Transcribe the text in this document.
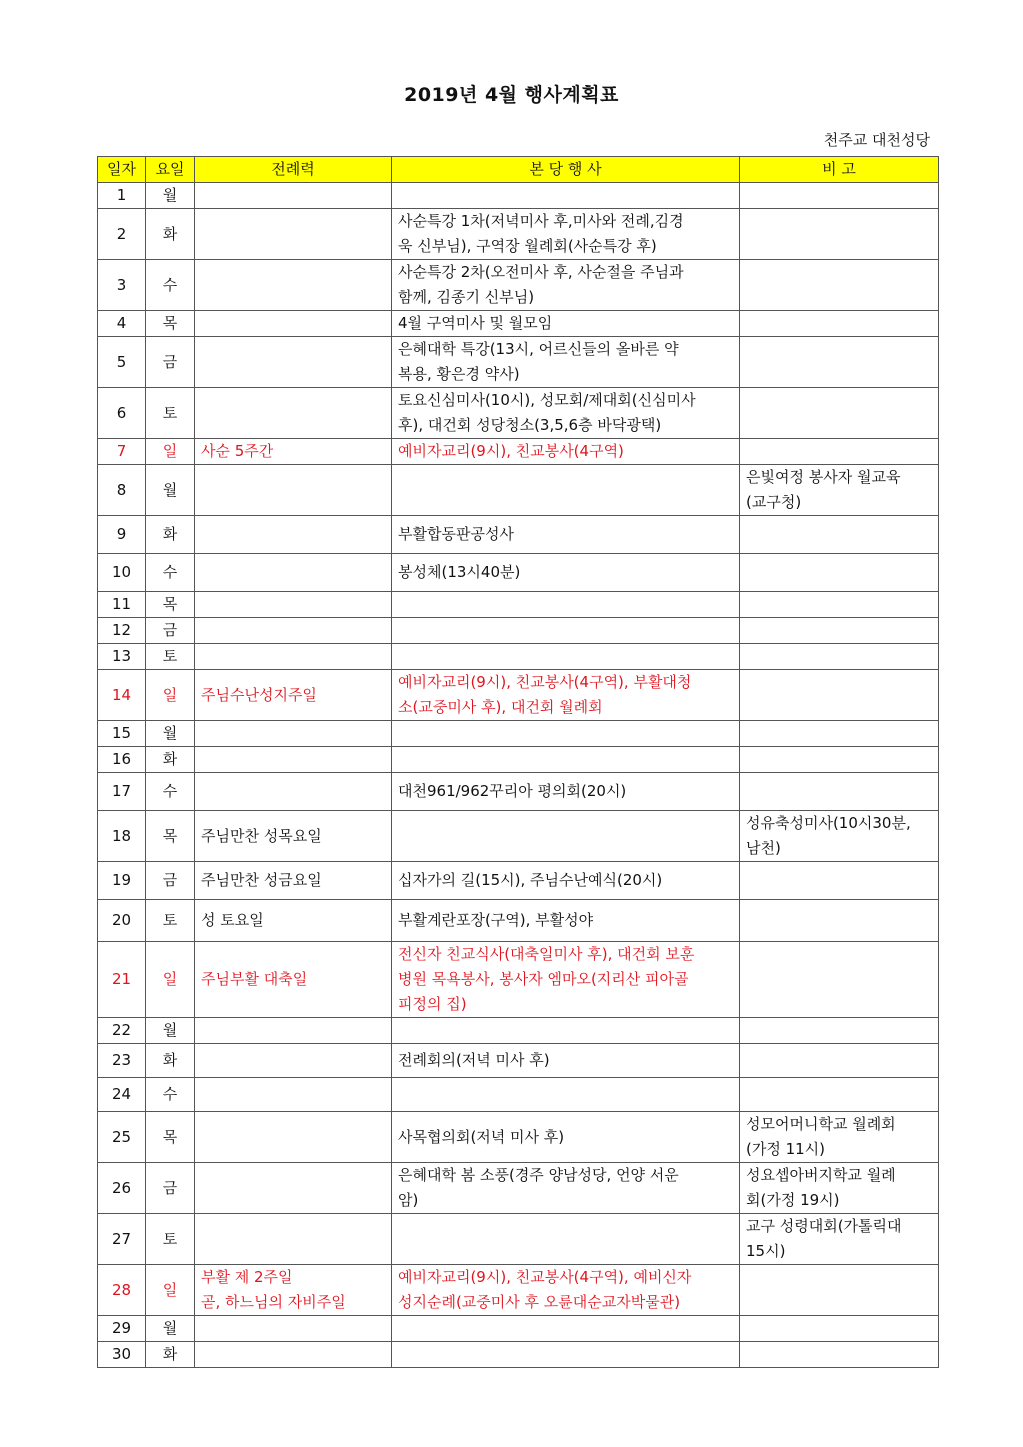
2019년 4월 행사계획표
천주교 대천성당
일자	요일	전례력	본 당 행 사	비 고
1	월			
2	화		사순특강 1차(저녁미사 후,미사와 전례,김경
욱 신부님), 구역장 월례회(사순특강 후)	
3	수		사순특강 2차(오전미사 후, 사순절을 주님과
함께, 김종기 신부님)	
4	목		4월 구역미사 및 월모임	
5	금		은혜대학 특강(13시, 어르신들의 올바른 약
복용, 황은경 약사)	
6	토		토요신심미사(10시), 성모회/제대회(신심미사
후), 대건회 성당청소(3,5,6층 바닥광택)	
7	일	사순 5주간	예비자교리(9시), 친교봉사(4구역)	
8	월			은빛여정 봉사자 월교육
(교구청)
9	화		부활합동판공성사	
10	수		봉성체(13시40분)	
11	목			
12	금			
13	토			
14	일	주님수난성지주일	예비자교리(9시), 친교봉사(4구역), 부활대청
소(교중미사 후), 대건회 월례회	
15	월			
16	화			
17	수		대천961/962꾸리아 평의회(20시)	
18	목	주님만찬 성목요일		성유축성미사(10시30분,
남천)
19	금	주님만찬 성금요일	십자가의 길(15시), 주님수난예식(20시)	
20	토	성 토요일	부활계란포장(구역), 부활성야	
21	일	주님부활 대축일	전신자 친교식사(대축일미사 후), 대건회 보훈
병원 목욕봉사, 봉사자 엠마오(지리산 피아골
피정의 집)	
22	월			
23	화		전례회의(저녁 미사 후)	
24	수			
25	목		사목협의회(저녁 미사 후)	성모어머니학교 월례회
(가정 11시)
26	금		은혜대학 봄 소풍(경주 양남성당, 언양 서운
암)	성요셉아버지학교 월례
회(가정 19시)
27	토			교구 성령대회(가톨릭대
15시)
28	일	부활 제 2주일
곧, 하느님의 자비주일	예비자교리(9시), 친교봉사(4구역), 예비신자
성지순례(교중미사 후 오륜대순교자박물관)	
29	월			
30	화			
